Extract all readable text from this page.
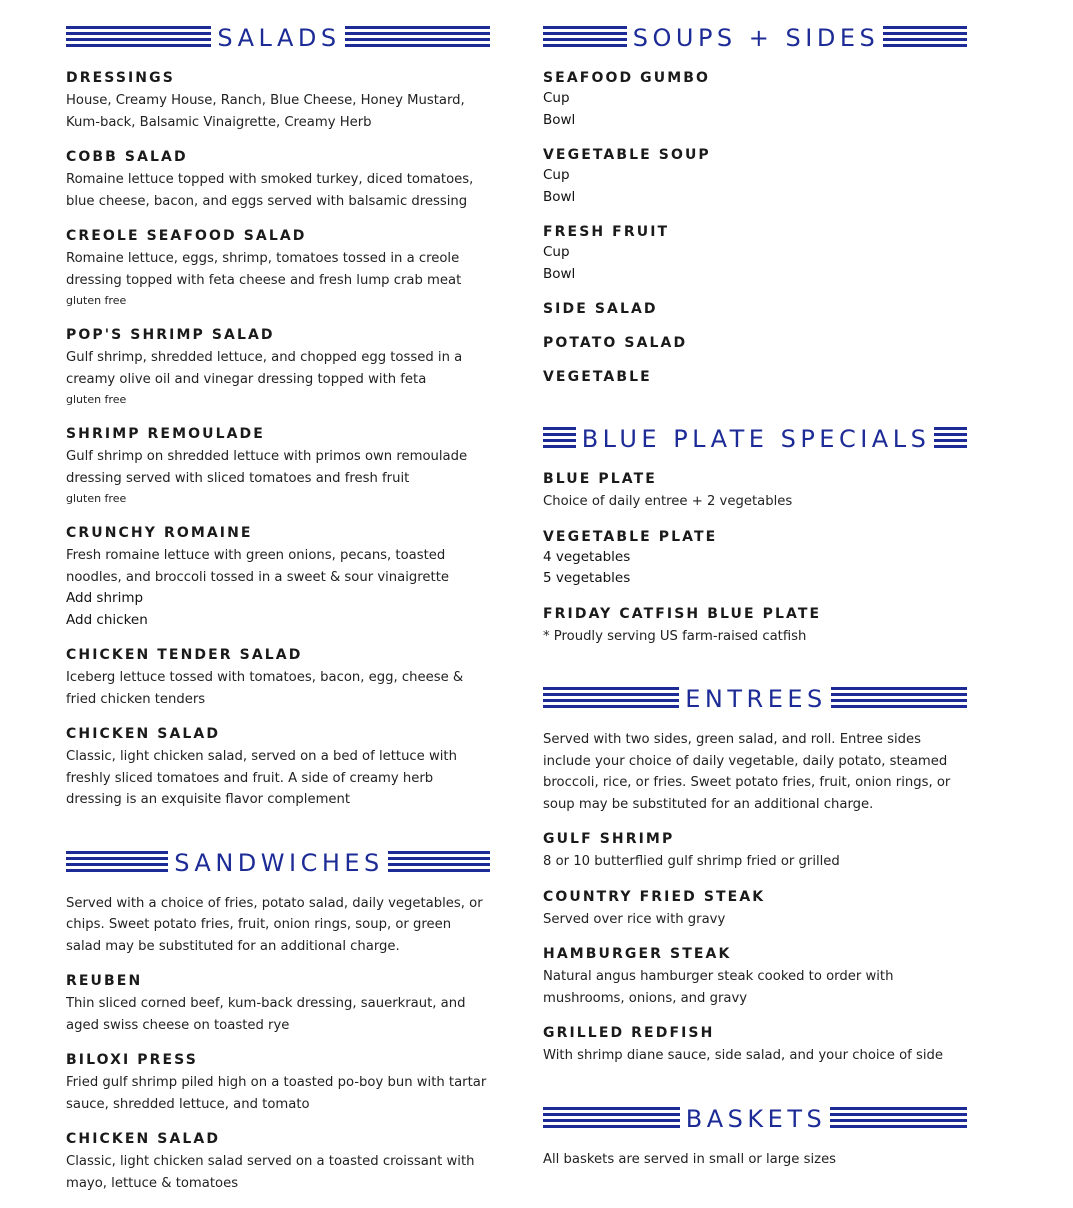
SALADS
DRESSINGS
House, Creamy House, Ranch, Blue Cheese, Honey Mustard, Kum-back, Balsamic Vinaigrette, Creamy Herb
COBB SALAD
Romaine lettuce topped with smoked turkey, diced tomatoes, blue cheese, bacon, and eggs served with balsamic dressing
CREOLE SEAFOOD SALAD
Romaine lettuce, eggs, shrimp, tomatoes tossed in a creole dressing topped with feta cheese and fresh lump crab meat
gluten free
POP'S SHRIMP SALAD
Gulf shrimp, shredded lettuce, and chopped egg tossed in a creamy olive oil and vinegar dressing topped with feta
gluten free
SHRIMP REMOULADE
Gulf shrimp on shredded lettuce with primos own remoulade dressing served with sliced tomatoes and fresh fruit
gluten free
CRUNCHY ROMAINE
Fresh romaine lettuce with green onions, pecans, toasted noodles, and broccoli tossed in a sweet & sour vinaigrette
Add shrimp
Add chicken
CHICKEN TENDER SALAD
Iceberg lettuce tossed with tomatoes, bacon, egg, cheese & fried chicken tenders
CHICKEN SALAD
Classic, light chicken salad, served on a bed of lettuce with freshly sliced tomatoes and fruit. A side of creamy herb dressing is an exquisite flavor complement
SANDWICHES

Served with a choice of fries, potato salad, daily vegetables, or chips. Sweet potato fries, fruit, onion rings, soup, or green salad may be substituted for an additional charge.

REUBEN
Thin sliced corned beef, kum-back dressing, sauerkraut, and aged swiss cheese on toasted rye
BILOXI PRESS
Fried gulf shrimp piled high on a toasted po-boy bun with tartar sauce, shredded lettuce, and tomato
CHICKEN SALAD
Classic, light chicken salad served on a toasted croissant with mayo, lettuce & tomatoes
SOUPS + SIDES
SEAFOOD GUMBO
Cup
Bowl
VEGETABLE SOUP
Cup
Bowl
FRESH FRUIT
Cup
Bowl
SIDE SALAD
POTATO SALAD
VEGETABLE
BLUE PLATE SPECIALS
BLUE PLATE
Choice of daily entree + 2 vegetables
VEGETABLE PLATE
4 vegetables
5 vegetables
FRIDAY CATFISH BLUE PLATE
* Proudly serving US farm-raised catfish
ENTREES

Served with two sides, green salad, and roll. Entree sides include your choice of daily vegetable, daily potato, steamed broccoli, rice, or fries. Sweet potato fries, fruit, onion rings, or soup may be substituted for an additional charge.

GULF SHRIMP
8 or 10 butterflied gulf shrimp fried or grilled
COUNTRY FRIED STEAK
Served over rice with gravy
HAMBURGER STEAK
Natural angus hamburger steak cooked to order with mushrooms, onions, and gravy
GRILLED REDFISH
With shrimp diane sauce, side salad, and your choice of side
BASKETS

All baskets are served in small or large sizes
